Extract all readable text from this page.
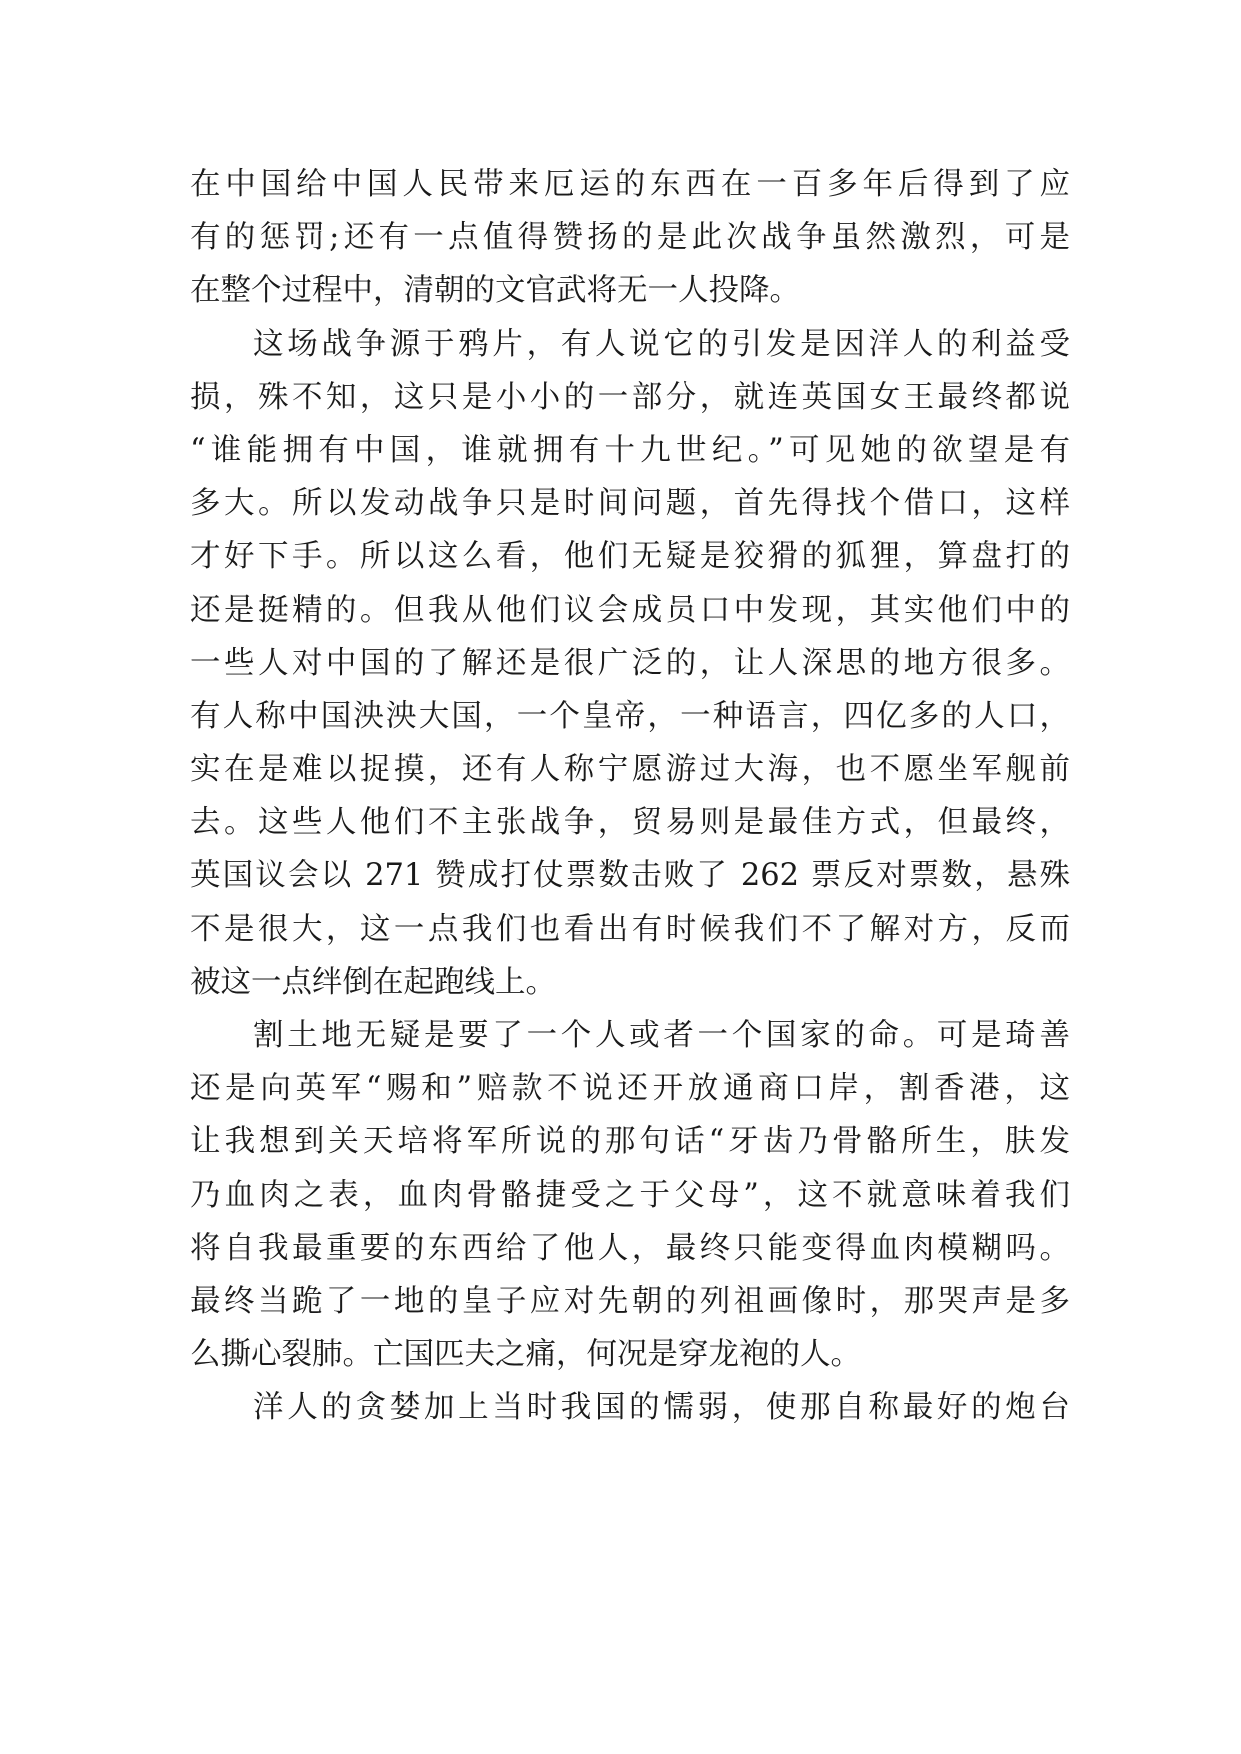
在中国给中国人民带来厄运的东西在一百多年后得到了应
有的惩罚;还有一点值得赞扬的是此次战争虽然激烈，可是
在整个过程中，清朝的文官武将无一人投降。
这场战争源于鸦片，有人说它的引发是因洋人的利益受
损，殊不知，这只是小小的一部分，就连英国女王最终都说
“谁能拥有中国，谁就拥有十九世纪。”可见她的欲望是有
多大。所以发动战争只是时间问题，首先得找个借口，这样
才好下手。所以这么看，他们无疑是狡猾的狐狸，算盘打的
还是挺精的。但我从他们议会成员口中发现，其实他们中的
一些人对中国的了解还是很广泛的，让人深思的地方很多。
有人称中国泱泱大国，一个皇帝，一种语言，四亿多的人口，
实在是难以捉摸，还有人称宁愿游过大海，也不愿坐军舰前
去。这些人他们不主张战争，贸易则是最佳方式，但最终，
英国议会以 271 赞成打仗票数击败了 262 票反对票数，悬殊
不是很大，这一点我们也看出有时候我们不了解对方，反而
被这一点绊倒在起跑线上。
割土地无疑是要了一个人或者一个国家的命。可是琦善
还是向英军“赐和”赔款不说还开放通商口岸，割香港，这
让我想到关天培将军所说的那句话“牙齿乃骨骼所生，肤发
乃血肉之表，血肉骨骼捷受之于父母”，这不就意味着我们
将自我最重要的东西给了他人，最终只能变得血肉模糊吗。
最终当跪了一地的皇子应对先朝的列祖画像时，那哭声是多
么撕心裂肺。亡国匹夫之痛，何况是穿龙袍的人。
洋人的贪婪加上当时我国的懦弱，使那自称最好的炮台
